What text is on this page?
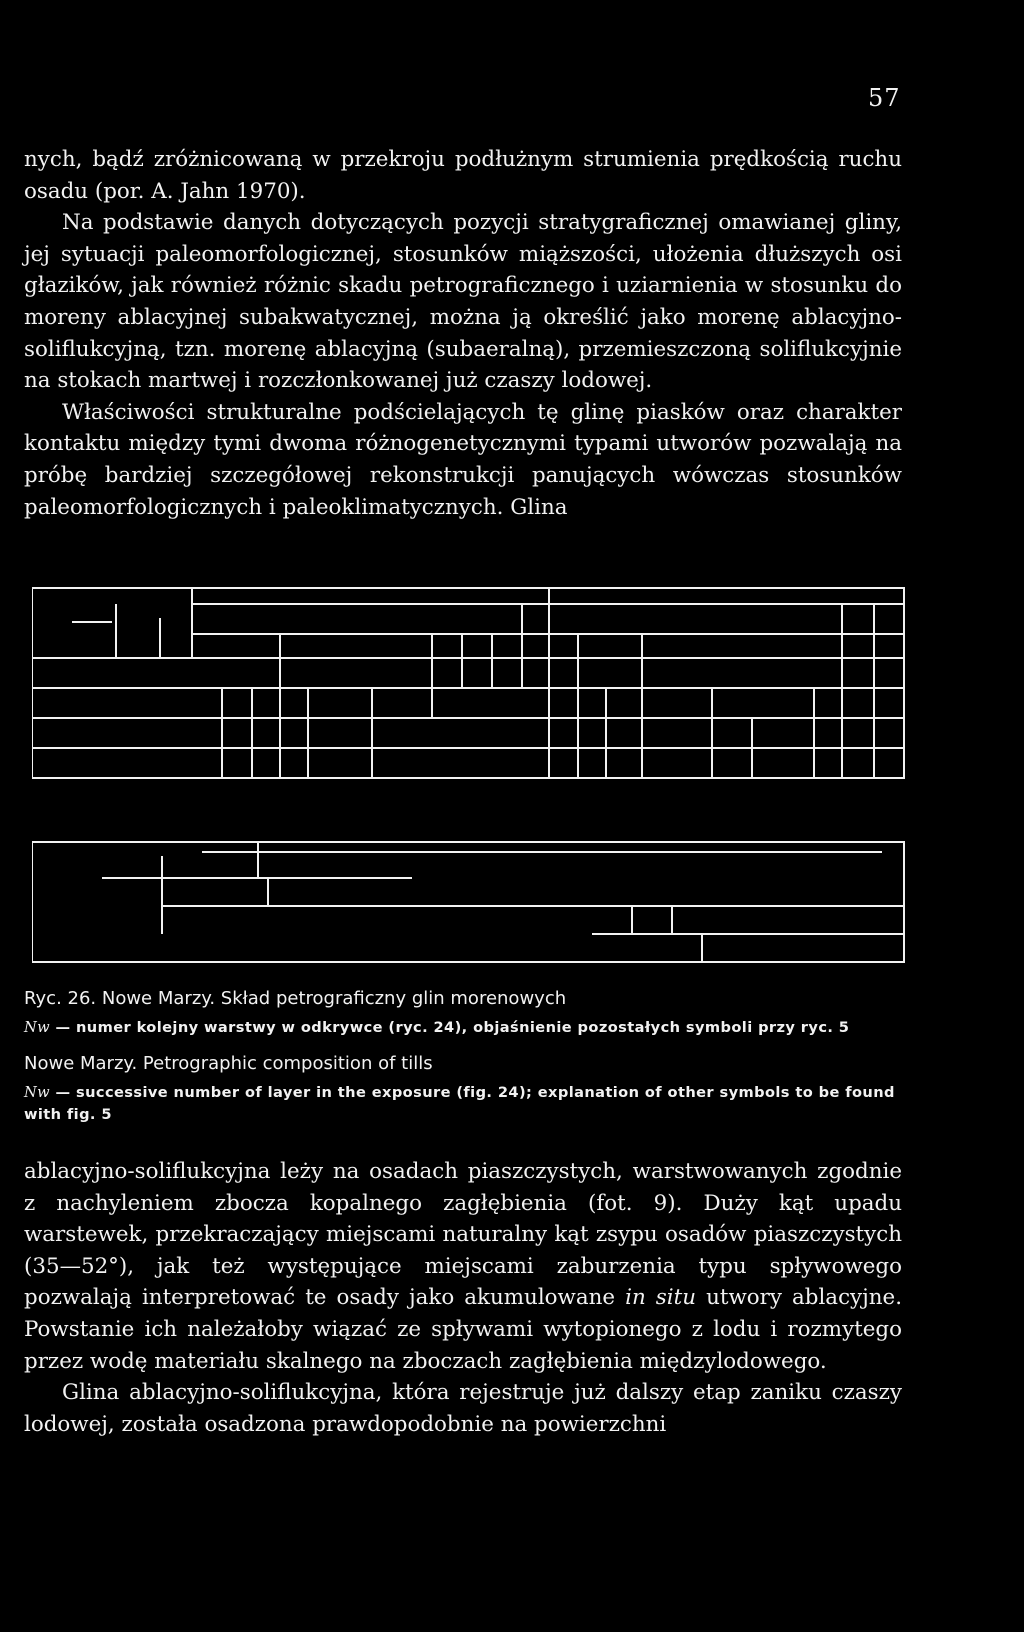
57

nych, bądź zróżnicowaną w przekroju podłużnym strumienia prędkością ruchu osadu (por. A. Jahn 1970).

Na podstawie danych dotyczących pozycji stratygraficznej omawianej gliny, jej sytuacji paleomorfologicznej, stosunków miąższości, ułożenia dłuższych osi głazików, jak również różnic skadu petrograficznego i uziarnienia w stosunku do moreny ablacyjnej subakwatycznej, można ją określić jako morenę ablacyjno-soliflukcyjną, tzn. morenę ablacyjną (subaeralną), przemieszczoną soliflukcyjnie na stokach martwej i rozczłonkowanej już czaszy lodowej.

Właściwości strukturalne podścielających tę glinę piasków oraz charakter kontaktu między tymi dwoma różnogenetycznymi typami utworów pozwalają na próbę bardziej szczegółowej rekonstrukcji panujących wówczas stosunków paleomorfologicznych i paleoklimatycznych. Glina

Ryc. 26. Nowe Marzy. Skład petrograficzny glin morenowych

Nw — numer kolejny warstwy w odkrywce (ryc. 24), objaśnienie pozostałych symboli przy ryc. 5

Nowe Marzy. Petrographic composition of tills

Nw — successive number of layer in the exposure (fig. 24); explanation of other symbols to be found with fig. 5

ablacyjno-soliflukcyjna leży na osadach piaszczystych, warstwowanych zgodnie z nachyleniem zbocza kopalnego zagłębienia (fot. 9). Duży kąt upadu warstewek, przekraczający miejscami naturalny kąt zsypu osadów piaszczystych (35—52°), jak też występujące miejscami zaburzenia typu spływowego pozwalają interpretować te osady jako akumulowane in situ utwory ablacyjne. Powstanie ich należałoby wiązać ze spływami wytopionego z lodu i rozmytego przez wodę materiału skalnego na zboczach zagłębienia międzylodowego.

Glina ablacyjno-soliflukcyjna, która rejestruje już dalszy etap zaniku czaszy lodowej, została osadzona prawdopodobnie na powierzchni
